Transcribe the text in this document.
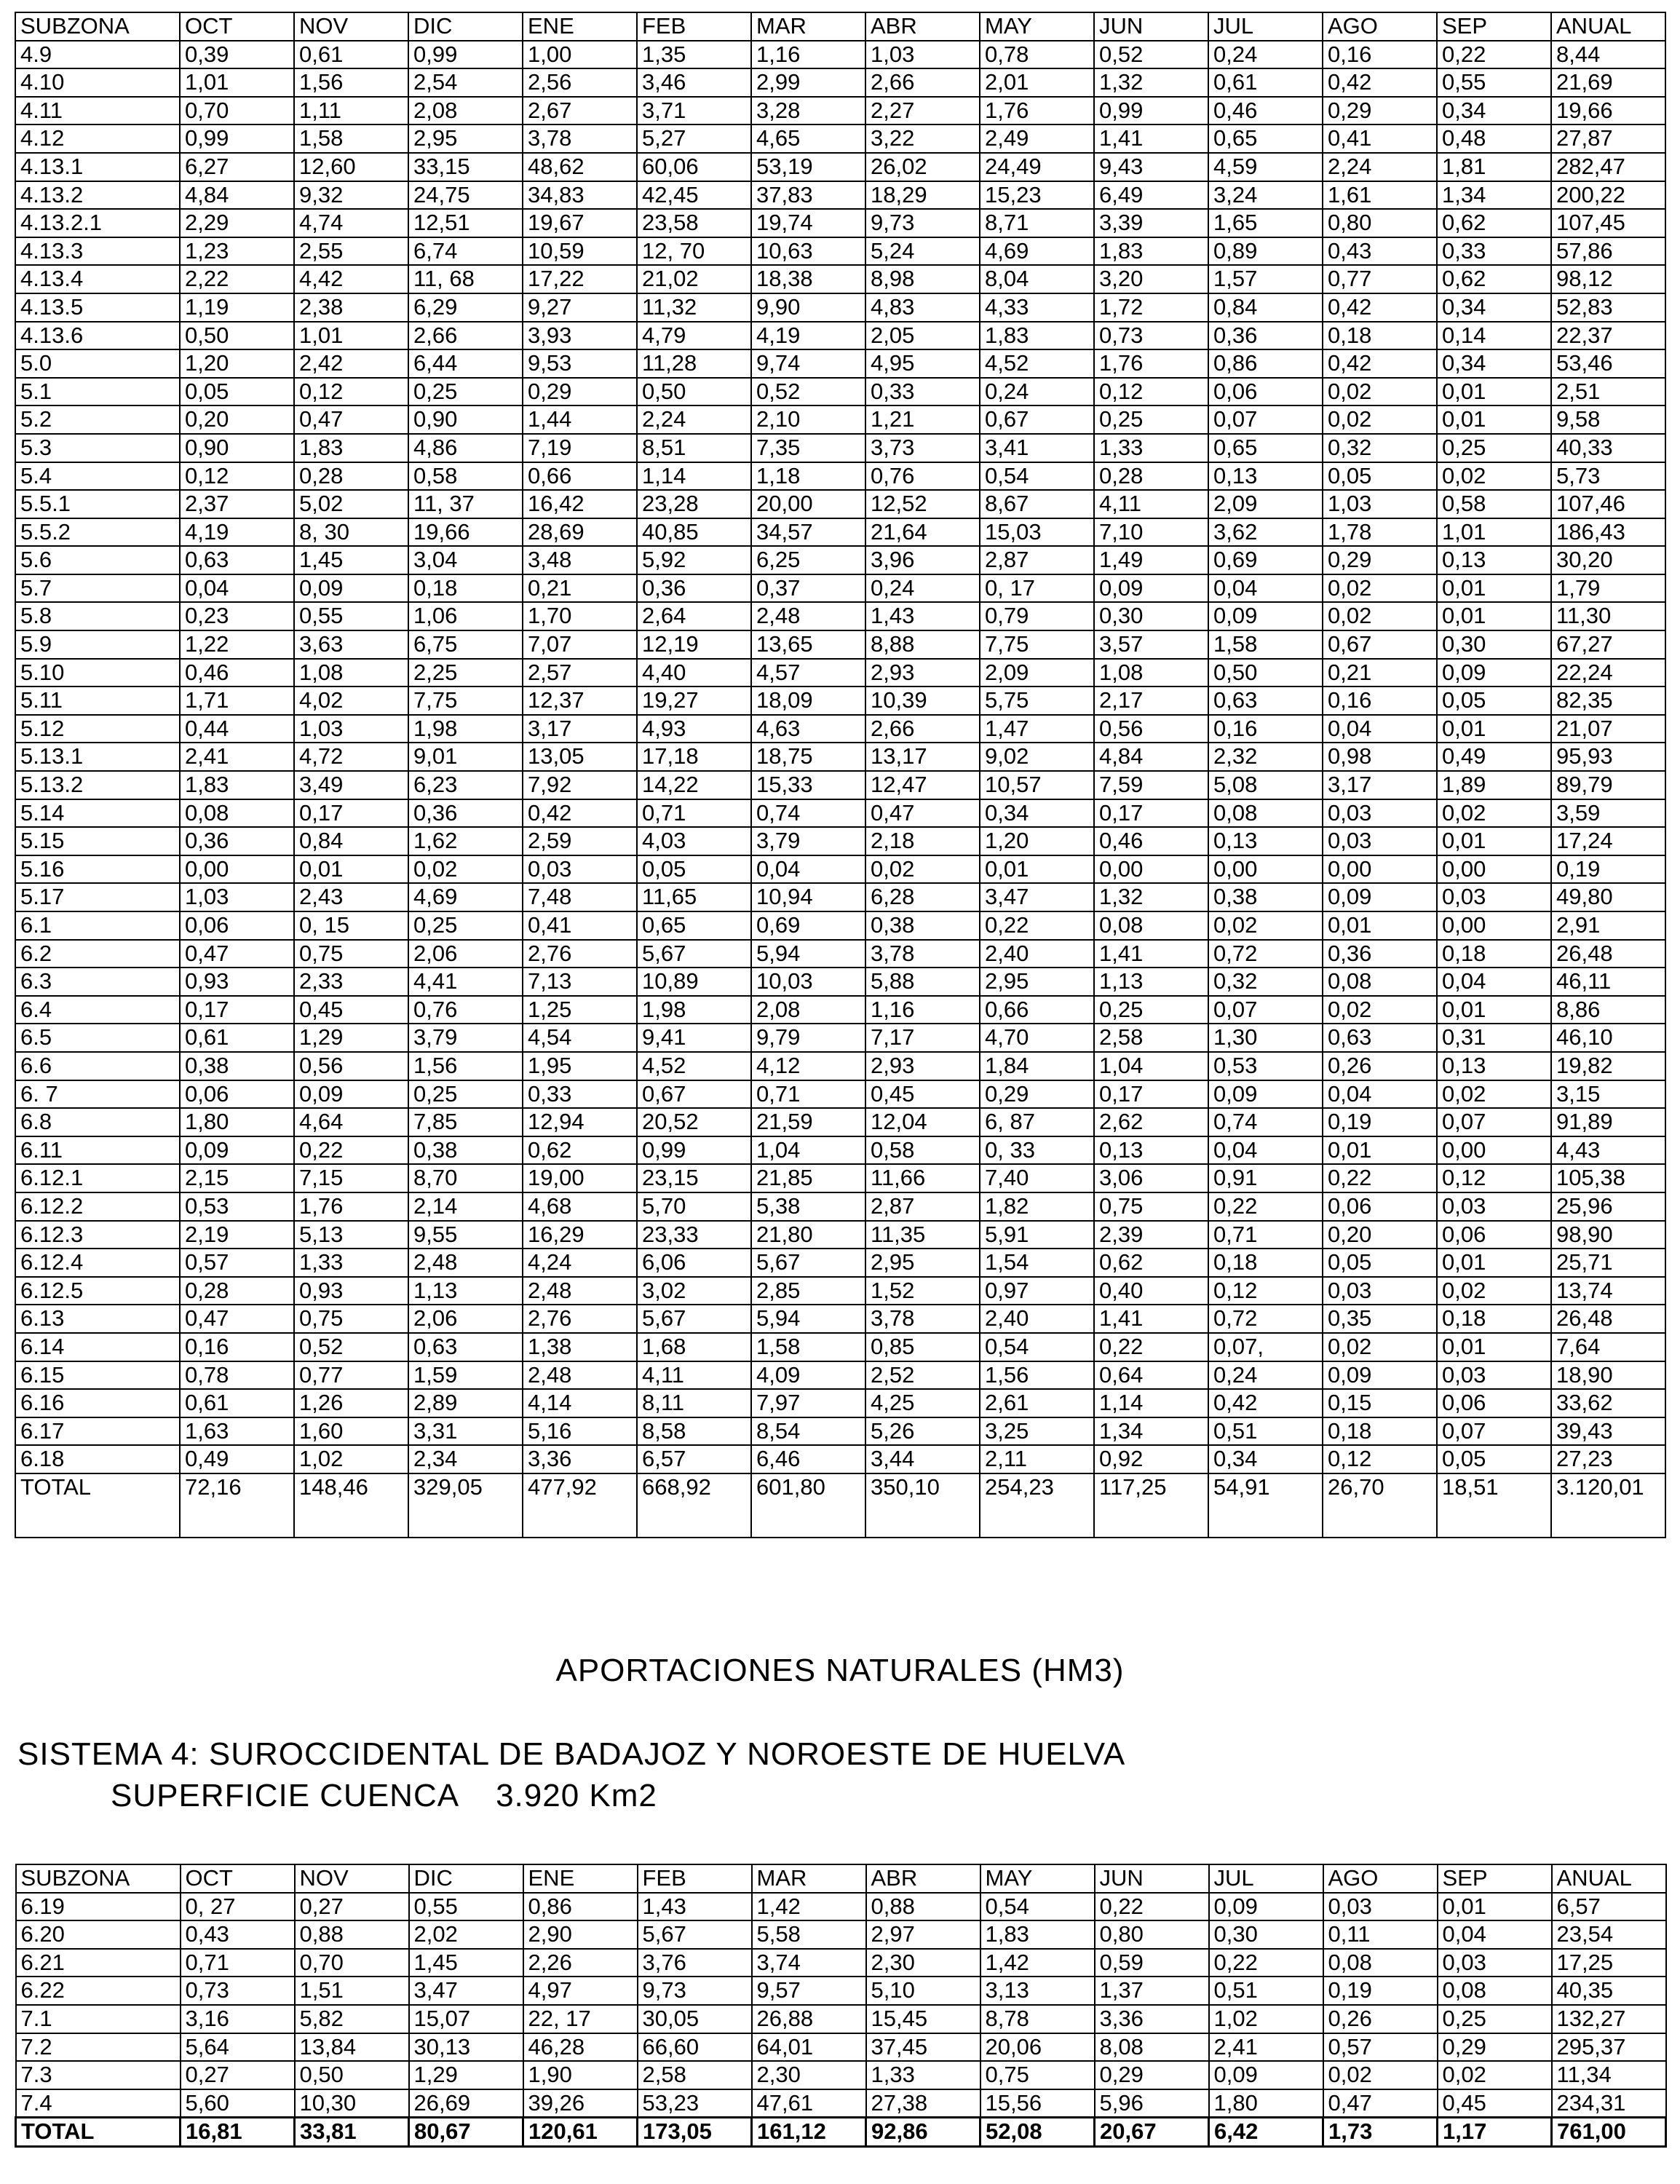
SUBZONA	OCT	NOV	DIC	ENE	FEB	MAR	ABR	MAY	JUN	JUL	AGO	SEP	ANUAL
4.9	0,39	0,61	0,99	1,00	1,35	1,16	1,03	0,78	0,52	0,24	0,16	0,22	8,44
4.10	1,01	1,56	2,54	2,56	3,46	2,99	2,66	2,01	1,32	0,61	0,42	0,55	21,69
4.11	0,70	1,11	2,08	2,67	3,71	3,28	2,27	1,76	0,99	0,46	0,29	0,34	19,66
4.12	0,99	1,58	2,95	3,78	5,27	4,65	3,22	2,49	1,41	0,65	0,41	0,48	27,87
4.13.1	6,27	12,60	33,15	48,62	60,06	53,19	26,02	24,49	9,43	4,59	2,24	1,81	282,47
4.13.2	4,84	9,32	24,75	34,83	42,45	37,83	18,29	15,23	6,49	3,24	1,61	1,34	200,22
4.13.2.1	2,29	4,74	12,51	19,67	23,58	19,74	9,73	8,71	3,39	1,65	0,80	0,62	107,45
4.13.3	1,23	2,55	6,74	10,59	12, 70	10,63	5,24	4,69	1,83	0,89	0,43	0,33	57,86
4.13.4	2,22	4,42	11, 68	17,22	21,02	18,38	8,98	8,04	3,20	1,57	0,77	0,62	98,12
4.13.5	1,19	2,38	6,29	9,27	11,32	9,90	4,83	4,33	1,72	0,84	0,42	0,34	52,83
4.13.6	0,50	1,01	2,66	3,93	4,79	4,19	2,05	1,83	0,73	0,36	0,18	0,14	22,37
5.0	1,20	2,42	6,44	9,53	11,28	9,74	4,95	4,52	1,76	0,86	0,42	0,34	53,46
5.1	0,05	0,12	0,25	0,29	0,50	0,52	0,33	0,24	0,12	0,06	0,02	0,01	2,51
5.2	0,20	0,47	0,90	1,44	2,24	2,10	1,21	0,67	0,25	0,07	0,02	0,01	9,58
5.3	0,90	1,83	4,86	7,19	8,51	7,35	3,73	3,41	1,33	0,65	0,32	0,25	40,33
5.4	0,12	0,28	0,58	0,66	1,14	1,18	0,76	0,54	0,28	0,13	0,05	0,02	5,73
5.5.1	2,37	5,02	11, 37	16,42	23,28	20,00	12,52	8,67	4,11	2,09	1,03	0,58	107,46
5.5.2	4,19	8, 30	19,66	28,69	40,85	34,57	21,64	15,03	7,10	3,62	1,78	1,01	186,43
5.6	0,63	1,45	3,04	3,48	5,92	6,25	3,96	2,87	1,49	0,69	0,29	0,13	30,20
5.7	0,04	0,09	0,18	0,21	0,36	0,37	0,24	0, 17	0,09	0,04	0,02	0,01	1,79
5.8	0,23	0,55	1,06	1,70	2,64	2,48	1,43	0,79	0,30	0,09	0,02	0,01	11,30
5.9	1,22	3,63	6,75	7,07	12,19	13,65	8,88	7,75	3,57	1,58	0,67	0,30	67,27
5.10	0,46	1,08	2,25	2,57	4,40	4,57	2,93	2,09	1,08	0,50	0,21	0,09	22,24
5.11	1,71	4,02	7,75	12,37	19,27	18,09	10,39	5,75	2,17	0,63	0,16	0,05	82,35
5.12	0,44	1,03	1,98	3,17	4,93	4,63	2,66	1,47	0,56	0,16	0,04	0,01	21,07
5.13.1	2,41	4,72	9,01	13,05	17,18	18,75	13,17	9,02	4,84	2,32	0,98	0,49	95,93
5.13.2	1,83	3,49	6,23	7,92	14,22	15,33	12,47	10,57	7,59	5,08	3,17	1,89	89,79
5.14	0,08	0,17	0,36	0,42	0,71	0,74	0,47	0,34	0,17	0,08	0,03	0,02	3,59
5.15	0,36	0,84	1,62	2,59	4,03	3,79	2,18	1,20	0,46	0,13	0,03	0,01	17,24
5.16	0,00	0,01	0,02	0,03	0,05	0,04	0,02	0,01	0,00	0,00	0,00	0,00	0,19
5.17	1,03	2,43	4,69	7,48	11,65	10,94	6,28	3,47	1,32	0,38	0,09	0,03	49,80
6.1	0,06	0, 15	0,25	0,41	0,65	0,69	0,38	0,22	0,08	0,02	0,01	0,00	2,91
6.2	0,47	0,75	2,06	2,76	5,67	5,94	3,78	2,40	1,41	0,72	0,36	0,18	26,48
6.3	0,93	2,33	4,41	7,13	10,89	10,03	5,88	2,95	1,13	0,32	0,08	0,04	46,11
6.4	0,17	0,45	0,76	1,25	1,98	2,08	1,16	0,66	0,25	0,07	0,02	0,01	8,86
6.5	0,61	1,29	3,79	4,54	9,41	9,79	7,17	4,70	2,58	1,30	0,63	0,31	46,10
6.6	0,38	0,56	1,56	1,95	4,52	4,12	2,93	1,84	1,04	0,53	0,26	0,13	19,82
6. 7	0,06	0,09	0,25	0,33	0,67	0,71	0,45	0,29	0,17	0,09	0,04	0,02	3,15
6.8	1,80	4,64	7,85	12,94	20,52	21,59	12,04	6, 87	2,62	0,74	0,19	0,07	91,89
6.11	0,09	0,22	0,38	0,62	0,99	1,04	0,58	0, 33	0,13	0,04	0,01	0,00	4,43
6.12.1	2,15	7,15	8,70	19,00	23,15	21,85	11,66	7,40	3,06	0,91	0,22	0,12	105,38
6.12.2	0,53	1,76	2,14	4,68	5,70	5,38	2,87	1,82	0,75	0,22	0,06	0,03	25,96
6.12.3	2,19	5,13	9,55	16,29	23,33	21,80	11,35	5,91	2,39	0,71	0,20	0,06	98,90
6.12.4	0,57	1,33	2,48	4,24	6,06	5,67	2,95	1,54	0,62	0,18	0,05	0,01	25,71
6.12.5	0,28	0,93	1,13	2,48	3,02	2,85	1,52	0,97	0,40	0,12	0,03	0,02	13,74
6.13	0,47	0,75	2,06	2,76	5,67	5,94	3,78	2,40	1,41	0,72	0,35	0,18	26,48
6.14	0,16	0,52	0,63	1,38	1,68	1,58	0,85	0,54	0,22	0,07,	0,02	0,01	7,64
6.15	0,78	0,77	1,59	2,48	4,11	4,09	2,52	1,56	0,64	0,24	0,09	0,03	18,90
6.16	0,61	1,26	2,89	4,14	8,11	7,97	4,25	2,61	1,14	0,42	0,15	0,06	33,62
6.17	1,63	1,60	3,31	5,16	8,58	8,54	5,26	3,25	1,34	0,51	0,18	0,07	39,43
6.18	0,49	1,02	2,34	3,36	6,57	6,46	3,44	2,11	0,92	0,34	0,12	0,05	27,23
TOTAL	72,16	148,46	329,05	477,92	668,92	601,80	350,10	254,23	117,25	54,91	26,70	18,51	3.120,01
APORTACIONES NATURALES (HM3)
SISTEMA 4: SUROCCIDENTAL DE BADAJOZ Y NOROESTE DE HUELVA
SUPERFICIE CUENCA 3.920 Km2
SUBZONA	OCT	NOV	DIC	ENE	FEB	MAR	ABR	MAY	JUN	JUL	AGO	SEP	ANUAL
6.19	0, 27	0,27	0,55	0,86	1,43	1,42	0,88	0,54	0,22	0,09	0,03	0,01	6,57
6.20	0,43	0,88	2,02	2,90	5,67	5,58	2,97	1,83	0,80	0,30	0,11	0,04	23,54
6.21	0,71	0,70	1,45	2,26	3,76	3,74	2,30	1,42	0,59	0,22	0,08	0,03	17,25
6.22	0,73	1,51	3,47	4,97	9,73	9,57	5,10	3,13	1,37	0,51	0,19	0,08	40,35
7.1	3,16	5,82	15,07	22, 17	30,05	26,88	15,45	8,78	3,36	1,02	0,26	0,25	132,27
7.2	5,64	13,84	30,13	46,28	66,60	64,01	37,45	20,06	8,08	2,41	0,57	0,29	295,37
7.3	0,27	0,50	1,29	1,90	2,58	2,30	1,33	0,75	0,29	0,09	0,02	0,02	11,34
7.4	5,60	10,30	26,69	39,26	53,23	47,61	27,38	15,56	5,96	1,80	0,47	0,45	234,31
TOTAL	16,81	33,81	80,67	120,61	173,05	161,12	92,86	52,08	20,67	6,42	1,73	1,17	761,00
